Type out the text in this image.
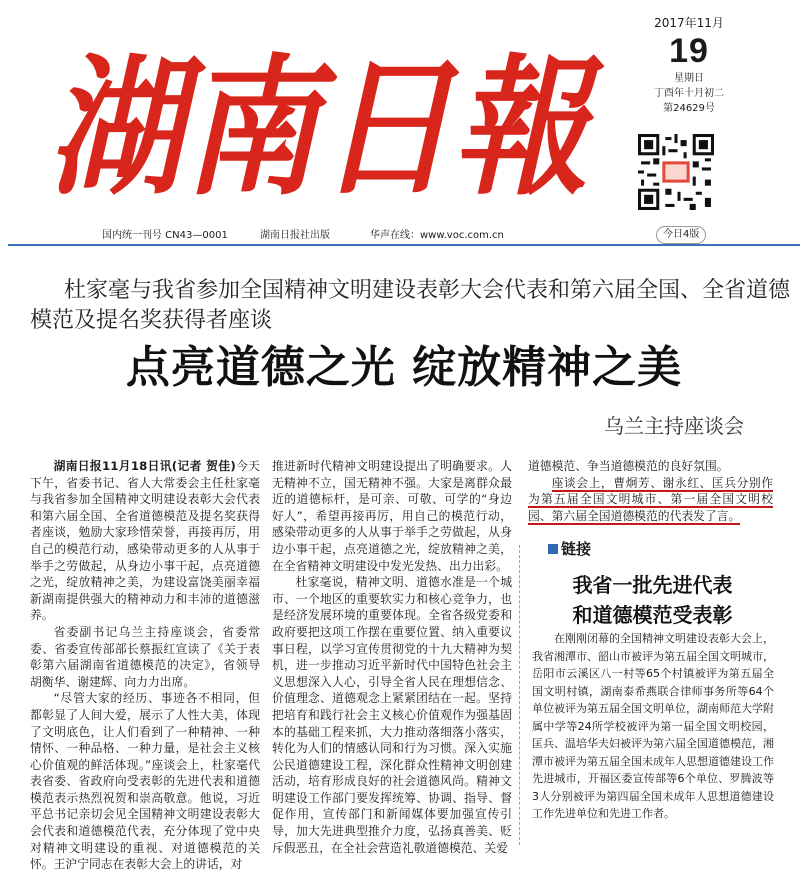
湖南日報
2017年11月
19
星期日
丁酉年十月初二
第24629号
国内统一刊号 CN43—0001	湖南日报社出版	华声在线：www.voc.com.cn	今日4版
杜家毫与我省参加全国精神文明建设表彰大会代表和第六届全国、全省道德模范及提名奖获得者座谈
点亮道德之光 绽放精神之美
乌兰主持座谈会

湖南日报11月18日讯(记者 贺佳)今天下午，省委书记、省人大常委会主任杜家毫与我省参加全国精神文明建设表彰大会代表和第六届全国、全省道德模范及提名奖获得者座谈，勉励大家珍惜荣誉，再接再厉，用自己的模范行动，感染带动更多的人从事于举手之劳做起，从身边小事干起，点亮道德之光，绽放精神之美，为建设富饶美丽幸福新湖南提供强大的精神动力和丰沛的道德滋养。

省委副书记乌兰主持座谈会，省委常委、省委宣传部部长蔡振红宣读了《关于表彰第六届湖南省道德模范的决定》，省领导胡衡华、谢建辉、向力力出席。

“尽管大家的经历、事迹各不相同，但都彰显了人间大爱，展示了人性大美，体现了文明底色，让人们看到了一种精神、一种情怀、一种品格、一种力量，是社会主义核心价值观的鲜活体现。”座谈会上，杜家毫代表省委、省政府向受表彰的先进代表和道德模范表示热烈祝贺和崇高敬意。他说，习近平总书记亲切会见全国精神文明建设表彰大会代表和道德模范代表，充分体现了党中央对精神文明建设的重视、对道德模范的关怀。王沪宁同志在表彰大会上的讲话，对

推进新时代精神文明建设提出了明确要求。人无精神不立，国无精神不强。大家是离群众最近的道德标杆，是可亲、可敬、可学的“身边好人”，希望再接再厉，用自己的模范行动，感染带动更多的人从事于举手之劳做起，从身边小事干起，点亮道德之光，绽放精神之美，在全省精神文明建设中发光发热、出力出彩。

杜家毫说，精神文明、道德水准是一个城市、一个地区的重要软实力和核心竞争力，也是经济发展环境的重要体现。全省各级党委和政府要把这项工作摆在重要位置、纳入重要议事日程，以学习宣传贯彻党的十九大精神为契机，进一步推动习近平新时代中国特色社会主义思想深入人心，引导全省人民在理想信念、价值理念、道德观念上紧紧团结在一起。坚持把培育和践行社会主义核心价值观作为强基固本的基础工程来抓，大力推动落细落小落实，转化为人们的情感认同和行为习惯。深入实施公民道德建设工程，深化群众性精神文明创建活动，培育形成良好的社会道德风尚。精神文明建设工作部门要发挥统筹、协调、指导、督促作用，宣传部门和新闻媒体要加强宣传引导，加大先进典型推介力度，弘扬真善美、贬斥假恶丑，在全社会营造礼敬道德模范、关爱

道德模范、争当道德模范的良好氛围。

座谈会上，曹炯芳、谢永红、匡兵分别作为第五届全国文明城市、第一届全国文明校园、第六届全国道德模范的代表发了言。

链接
我省一批先进代表
和道德模范受表彰
在刚刚闭幕的全国精神文明建设表彰大会上，我省湘潭市、韶山市被评为第五届全国文明城市，岳阳市云溪区八一村等65个村镇被评为第五届全国文明村镇，湖南泰希燕联合律师事务所等64个单位被评为第五届全国文明单位，湖南师范大学附属中学等24所学校被评为第一届全国文明校园，匡兵、温培华夫妇被评为第六届全国道德模范，湘潭市被评为第五届全国未成年人思想道德建设工作先进城市，开福区委宣传部等6个单位、罗腾波等3人分别被评为第四届全国未成年人思想道德建设工作先进单位和先进工作者。
